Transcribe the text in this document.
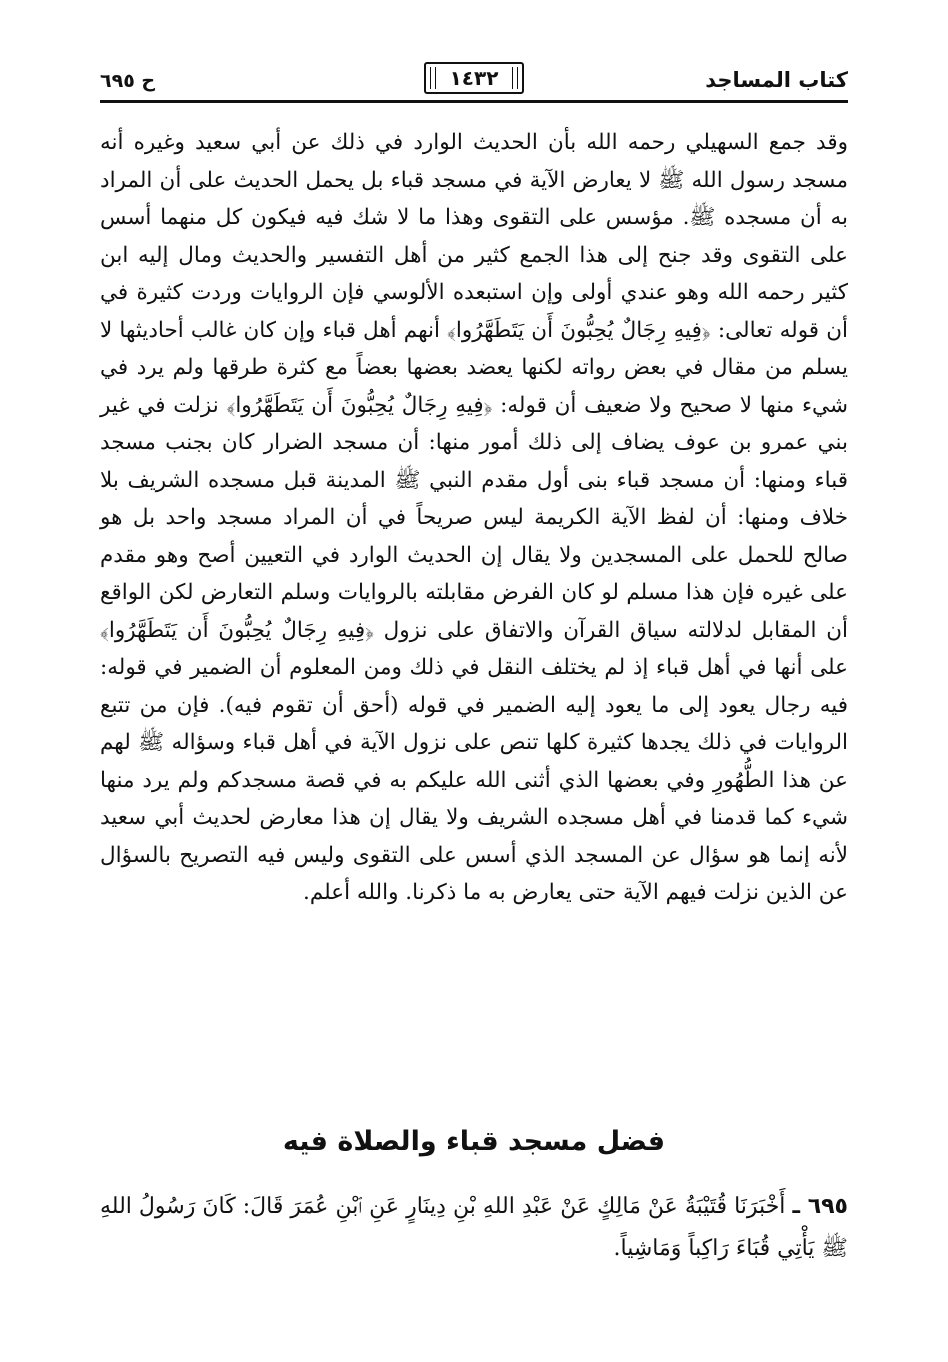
كتاب المساجد
١٤٣٢
ح ٦٩٥

وقد جمع السهيلي رحمه الله بأن الحديث الوارد في ذلك عن أبي سعيد وغيره أنه مسجد رسول الله ﷺ لا يعارض الآية في مسجد قباء بل يحمل الحديث على أن المراد به أن مسجده ﷺ. مؤسس على التقوى وهذا ما لا شك فيه فيكون كل منهما أسس على التقوى وقد جنح إلى هذا الجمع كثير من أهل التفسير والحديث ومال إليه ابن كثير رحمه الله وهو عندي أولى وإن استبعده الألوسي فإن الروايات وردت كثيرة في أن قوله تعالى: ﴿فِيهِ رِجَالٌ يُحِبُّونَ أَن يَتَطَهَّرُوا﴾ أنهم أهل قباء وإن كان غالب أحاديثها لا يسلم من مقال في بعض رواته لكنها يعضد بعضها بعضاً مع كثرة طرقها ولم يرد في شيء منها لا صحيح ولا ضعيف أن قوله: ﴿فِيهِ رِجَالٌ يُحِبُّونَ أَن يَتَطَهَّرُوا﴾ نزلت في غير بني عمرو بن عوف يضاف إلى ذلك أمور منها: أن مسجد الضرار كان بجنب مسجد قباء ومنها: أن مسجد قباء بنى أول مقدم النبي ﷺ المدينة قبل مسجده الشريف بلا خلاف ومنها: أن لفظ الآية الكريمة ليس صريحاً في أن المراد مسجد واحد بل هو صالح للحمل على المسجدين ولا يقال إن الحديث الوارد في التعيين أصح وهو مقدم على غيره فإن هذا مسلم لو كان الفرض مقابلته بالروايات وسلم التعارض لكن الواقع أن المقابل لدلالته سياق القرآن والاتفاق على نزول ﴿فِيهِ رِجَالٌ يُحِبُّونَ أَن يَتَطَهَّرُوا﴾ على أنها في أهل قباء إذ لم يختلف النقل في ذلك ومن المعلوم أن الضمير في قوله: فيه رجال يعود إلى ما يعود إليه الضمير في قوله (أحق أن تقوم فيه). فإن من تتبع الروايات في ذلك يجدها كثيرة كلها تنص على نزول الآية في أهل قباء وسؤاله ﷺ لهم عن هذا الطُّهُورِ وفي بعضها الذي أثنى الله عليكم به في قصة مسجدكم ولم يرد منها شيء كما قدمنا في أهل مسجده الشريف ولا يقال إن هذا معارض لحديث أبي سعيد لأنه إنما هو سؤال عن المسجد الذي أسس على التقوى وليس فيه التصريح بالسؤال عن الذين نزلت فيهم الآية حتى يعارض به ما ذكرنا. والله أعلم.

فضل مسجد قباء والصلاة فيه

٦٩٥ ـ أَخْبَرَنَا قُتَيْبَةُ عَنْ مَالِكٍ عَنْ عَبْدِ اللهِ بْنِ دِينَارٍ عَنِ ٱبْنِ عُمَرَ قَالَ: كَانَ رَسُولُ اللهِ ﷺ يَأْتِي قُبَاءَ رَاكِباً وَمَاشِياً.
